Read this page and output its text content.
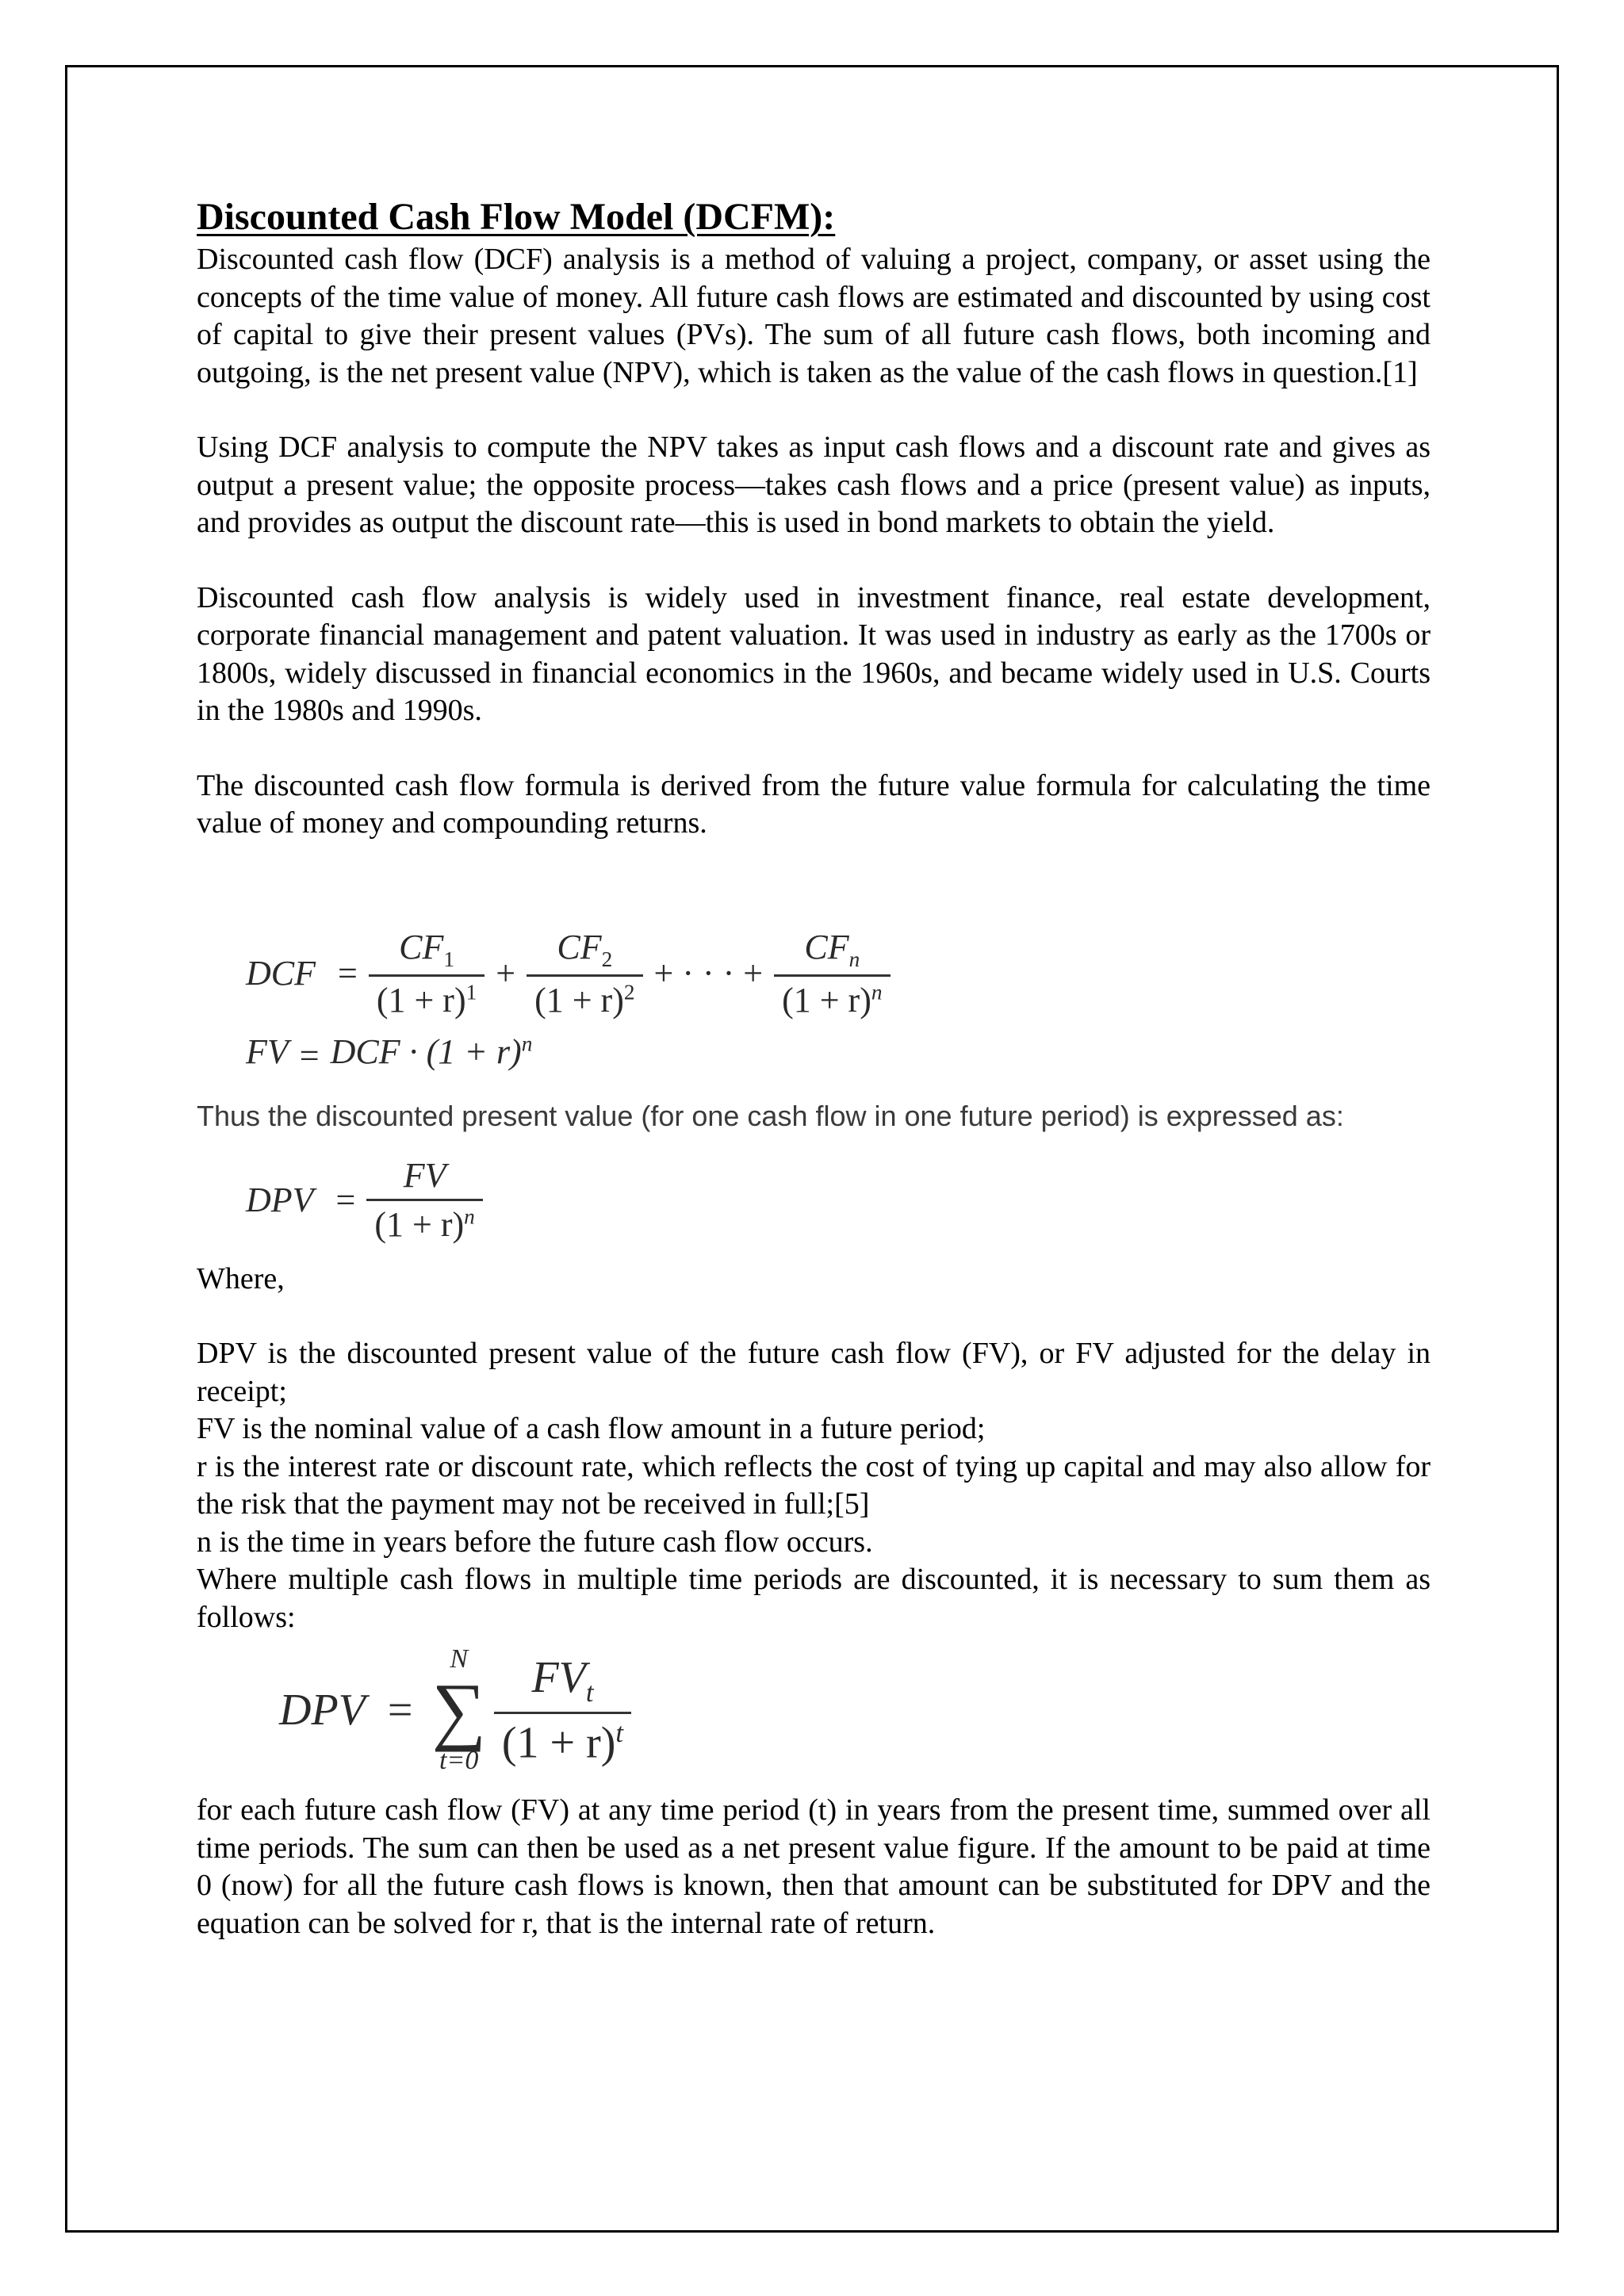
Discounted Cash Flow Model (DCFM):

Discounted cash flow (DCF) analysis is a method of valuing a project, company, or asset using the concepts of the time value of money. All future cash flows are estimated and discounted by using cost of capital to give their present values (PVs). The sum of all future cash flows, both incoming and outgoing, is the net present value (NPV), which is taken as the value of the cash flows in question.[1]

Using DCF analysis to compute the NPV takes as input cash flows and a discount rate and gives as output a present value; the opposite process—takes cash flows and a price (present value) as inputs, and provides as output the discount rate—this is used in bond markets to obtain the yield.

Discounted cash flow analysis is widely used in investment finance, real estate development, corporate financial management and patent valuation. It was used in industry as early as the 1700s or 1800s, widely discussed in financial economics in the 1960s, and became widely used in U.S. Courts in the 1980s and 1990s.

The discounted cash flow formula is derived from the future value formula for calculating the time value of money and compounding returns.

DCF = $\frac{CF_1}{(1 + r)^1} + \frac{CF_2}{(1 + r)^2}$ + · · · + $\frac{CF_n}{(1 + r)^n}$
FV = DCF · $(1 + r)^n$

Thus the discounted present value (for one cash flow in one future period) is expressed as:

DPV = $\frac{FV}{(1 + r)^n}$

Where,

DPV is the discounted present value of the future cash flow (FV), or FV adjusted for the delay in receipt;

FV is the nominal value of a cash flow amount in a future period;

r is the interest rate or discount rate, which reflects the cost of tying up capital and may also allow for the risk that the payment may not be received in full;[5]

n is the time in years before the future cash flow occurs.

Where multiple cash flows in multiple time periods are discounted, it is necessary to sum them as follows:

DPV =
N
∑
$t=0 \frac{FV_t}{(1 + r)^t}$

for each future cash flow (FV) at any time period (t) in years from the present time, summed over all time periods. The sum can then be used as a net present value figure. If the amount to be paid at time 0 (now) for all the future cash flows is known, then that amount can be substituted for DPV and the equation can be solved for r, that is the internal rate of return.
